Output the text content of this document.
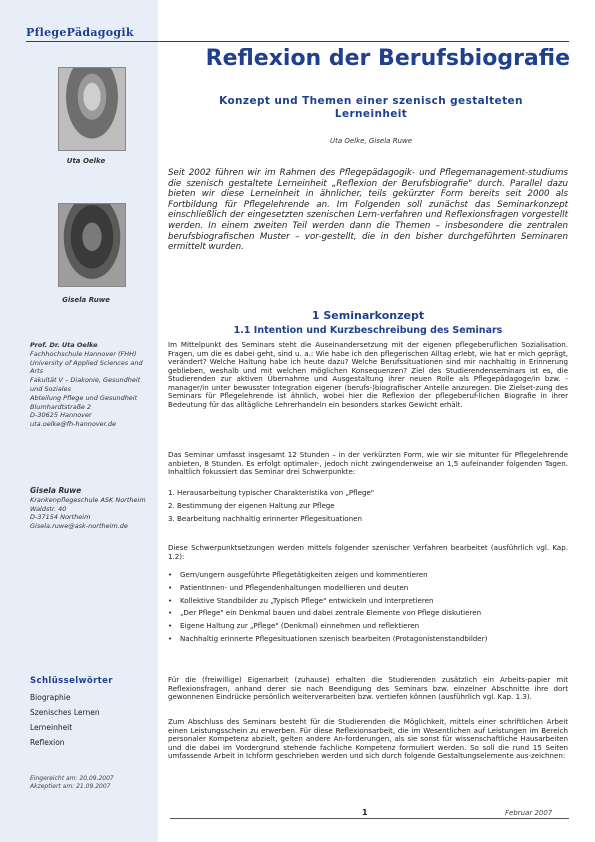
PflegePädagogik
Uta Oelke
Gisela Ruwe
Prof. Dr. Uta Oelke
Fachhochschule Hannover (FHH)
University of Applied Sciences and Arts
Fakultät V – Diakonie, Gesundheit und Soziales
Abteilung Pflege und Gesundheit
Blumhardtstraße 2
D-30625 Hannover
uta.oelke@fh-hannover.de
Gisela Ruwe
Krankenpflegeschule ASK Northeim
Waldstr. 40
D-37154 Northeim
Gisela.ruwe@ask-northeim.de
Schlüsselwörter
Biographie
Szenisches Lernen
Lerneinheit
Reflexion
Eingereicht am: 20.09.2007
Akzeptiert am: 21.09.2007
Reflexion der Berufsbiografie
Konzept und Themen einer szenisch gestalteten Lerneinheit
Uta Oelke, Gisela Ruwe
Seit 2002 führen wir im Rahmen des Pflegepädagogik- und Pflegemanagement-studiums die szenisch gestaltete Lerneinheit „Reflexion der Berufsbiografie" durch. Parallel dazu bieten wir diese Lerneinheit in ähnlicher, teils gekürzter Form bereits seit 2000 als Fortbildung für Pflegelehrende an. Im Folgenden soll zunächst das Seminarkonzept einschließlich der eingesetzten szenischen Lern-verfahren und Reflexionsfragen vorgestellt werden. In einem zweiten Teil werden dann die Themen – insbesondere die zentralen berufsbiografischen Muster – vor-gestellt, die in den bisher durchgeführten Seminaren ermittelt wurden.
1 Seminarkonzept
1.1 Intention und Kurzbeschreibung des Seminars
Im Mittelpunkt des Seminars steht die Auseinandersetzung mit der eigenen pflegeberuflichen Sozialisation. Fragen, um die es dabei geht, sind u. a.: Wie habe ich den pflegerischen Alltag erlebt, wie hat er mich geprägt, verändert? Welche Haltung habe ich heute dazu? Welche Berufssituationen sind mir nachhaltig in Erinnerung geblieben, weshalb und mit welchen möglichen Konsequenzen? Ziel des Studierendenseminars ist es, die Studierenden zur aktiven Übernahme und Ausgestaltung ihrer neuen Rolle als Pflegepädagoge/in bzw. -manager/in unter bewusster Integration eigener (berufs-)biografischer Anteile anzuregen. Die Zielset-zung des Seminars für Pflegelehrende ist ähnlich, wobei hier die Reflexion der pflegeberuf-lichen Biografie in ihrer Bedeutung für das alltägliche Lehrerhandeln ein besonders starkes Gewicht erhält.
Das Seminar umfasst insgesamt 12 Stunden – in der verkürzten Form, wie wir sie mitunter für Pflegelehrende anbieten, 8 Stunden. Es erfolgt optimaler-, jedoch nicht zwingenderweise an 1,5 aufeinander folgenden Tagen. Inhaltlich fokussiert das Seminar drei Schwerpunkte:
1. Herausarbeitung typischer Charakteristika von „Pflege"
2. Bestimmung der eigenen Haltung zur Pflege
3. Bearbeitung nachhaltig erinnerter Pflegesituationen
Diese Schwerpunktsetzungen werden mittels folgender szenischer Verfahren bearbeitet (ausführlich vgl. Kap. 1.2):
• Gern/ungern ausgeführte Pflegetätigkeiten zeigen und kommentieren
• PatientInnen- und Pflegendenhaltungen modellieren und deuten
• Kollektive Standbilder zu „Typisch Pflege" entwickeln und interpretieren
• „Der Pflege" ein Denkmal bauen und dabei zentrale Elemente von Pflege diskutieren
• Eigene Haltung zur „Pflege" (Denkmal) einnehmen und reflektieren
• Nachhaltig erinnerte Pflegesituationen szenisch bearbeiten (Protagonistenstandbilder)
Für die (freiwillige) Eigenarbeit (zuhause) erhalten die Studierenden zusätzlich ein Arbeits-papier mit Reflexionsfragen, anhand derer sie nach Beendigung des Seminars bzw. einzelner Abschnitte ihre dort gewonnenen Eindrücke persönlich weiterverarbeiten bzw. vertiefen können (ausführlich vgl. Kap. 1.3).
Zum Abschluss des Seminars besteht für die Studierenden die Möglichkeit, mittels einer schriftlichen Arbeit einen Leistungsschein zu erwerben. Für diese Reflexionsarbeit, die im Wesentlichen auf Leistungen im Bereich personaler Kompetenz abzielt, gelten andere An-forderungen, als sie sonst für wissenschaftliche Hausarbeiten und die dabei im Vordergrund stehende fachliche Kompetenz formuliert werden. So soll die rund 15 Seiten umfassende Arbeit in Ichform geschrieben werden und sich durch folgende Gestaltungselemente aus-zeichnen:
1	Februar 2007
